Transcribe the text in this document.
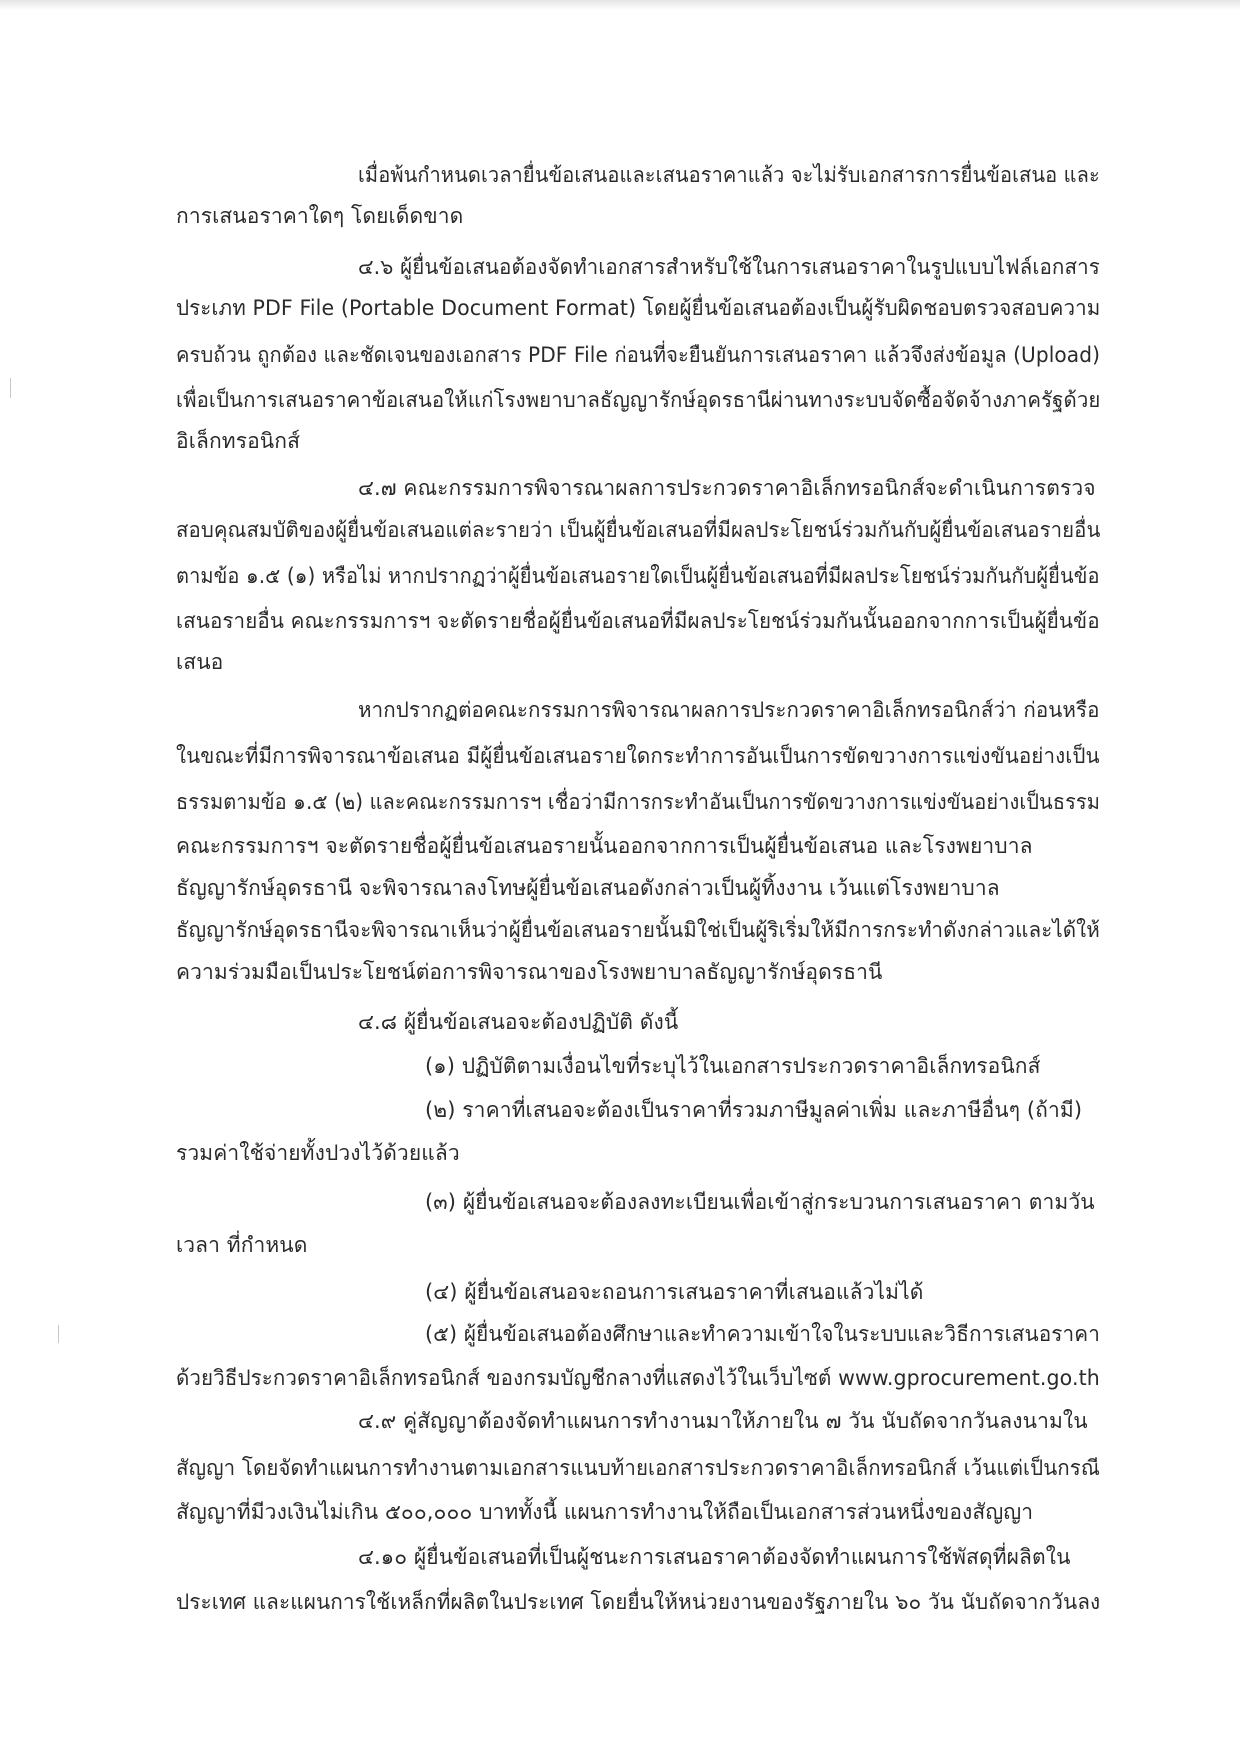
เมื่อพ้นกำหนดเวลายื่นข้อเสนอและเสนอราคาแล้ว จะไม่รับเอกสารการยื่นข้อเสนอ และ
การเสนอราคาใดๆ โดยเด็ดขาด
๔.๖ ผู้ยื่นข้อเสนอต้องจัดทำเอกสารสำหรับใช้ในการเสนอราคาในรูปแบบไฟล์เอกสาร
ประเภท PDF File (Portable Document Format) โดยผู้ยื่นข้อเสนอต้องเป็นผู้รับผิดชอบตรวจสอบความ
ครบถ้วน ถูกต้อง และชัดเจนของเอกสาร PDF File ก่อนที่จะยืนยันการเสนอราคา แล้วจึงส่งข้อมูล (Upload)
เพื่อเป็นการเสนอราคาข้อเสนอให้แก่โรงพยาบาลธัญญารักษ์อุดรธานีผ่านทางระบบจัดซื้อจัดจ้างภาครัฐด้วย
อิเล็กทรอนิกส์
๔.๗ คณะกรรมการพิจารณาผลการประกวดราคาอิเล็กทรอนิกส์จะดำเนินการตรวจ
สอบคุณสมบัติของผู้ยื่นข้อเสนอแต่ละรายว่า เป็นผู้ยื่นข้อเสนอที่มีผลประโยชน์ร่วมกันกับผู้ยื่นข้อเสนอรายอื่น
ตามข้อ ๑.๕ (๑) หรือไม่ หากปรากฏว่าผู้ยื่นข้อเสนอรายใดเป็นผู้ยื่นข้อเสนอที่มีผลประโยชน์ร่วมกันกับผู้ยื่นข้อ
เสนอรายอื่น คณะกรรมการฯ จะตัดรายชื่อผู้ยื่นข้อเสนอที่มีผลประโยชน์ร่วมกันนั้นออกจากการเป็นผู้ยื่นข้อ
เสนอ
หากปรากฏต่อคณะกรรมการพิจารณาผลการประกวดราคาอิเล็กทรอนิกส์ว่า ก่อนหรือ
ในขณะที่มีการพิจารณาข้อเสนอ มีผู้ยื่นข้อเสนอรายใดกระทำการอันเป็นการขัดขวางการแข่งขันอย่างเป็น
ธรรมตามข้อ ๑.๕ (๒) และคณะกรรมการฯ เชื่อว่ามีการกระทำอันเป็นการขัดขวางการแข่งขันอย่างเป็นธรรม
คณะกรรมการฯ จะตัดรายชื่อผู้ยื่นข้อเสนอรายนั้นออกจากการเป็นผู้ยื่นข้อเสนอ และโรงพยาบาล
ธัญญารักษ์อุดรธานี จะพิจารณาลงโทษผู้ยื่นข้อเสนอดังกล่าวเป็นผู้ทิ้งงาน เว้นแต่โรงพยาบาล
ธัญญารักษ์อุดรธานีจะพิจารณาเห็นว่าผู้ยื่นข้อเสนอรายนั้นมิใช่เป็นผู้ริเริ่มให้มีการกระทำดังกล่าวและได้ให้
ความร่วมมือเป็นประโยชน์ต่อการพิจารณาของโรงพยาบาลธัญญารักษ์อุดรธานี
๔.๘ ผู้ยื่นข้อเสนอจะต้องปฏิบัติ ดังนี้
(๑) ปฏิบัติตามเงื่อนไขที่ระบุไว้ในเอกสารประกวดราคาอิเล็กทรอนิกส์
(๒) ราคาที่เสนอจะต้องเป็นราคาที่รวมภาษีมูลค่าเพิ่ม และภาษีอื่นๆ (ถ้ามี)
รวมค่าใช้จ่ายทั้งปวงไว้ด้วยแล้ว
(๓) ผู้ยื่นข้อเสนอจะต้องลงทะเบียนเพื่อเข้าสู่กระบวนการเสนอราคา ตามวัน
เวลา ที่กำหนด
(๔) ผู้ยื่นข้อเสนอจะถอนการเสนอราคาที่เสนอแล้วไม่ได้
(๕) ผู้ยื่นข้อเสนอต้องศึกษาและทำความเข้าใจในระบบและวิธีการเสนอราคา
ด้วยวิธีประกวดราคาอิเล็กทรอนิกส์ ของกรมบัญชีกลางที่แสดงไว้ในเว็บไซต์ www.gprocurement.go.th
๔.๙ คู่สัญญาต้องจัดทำแผนการทำงานมาให้ภายใน ๗ วัน นับถัดจากวันลงนามใน
สัญญา โดยจัดทำแผนการทำงานตามเอกสารแนบท้ายเอกสารประกวดราคาอิเล็กทรอนิกส์ เว้นแต่เป็นกรณี
สัญญาที่มีวงเงินไม่เกิน ๕๐๐,๐๐๐ บาททั้งนี้ แผนการทำงานให้ถือเป็นเอกสารส่วนหนึ่งของสัญญา
๔.๑๐ ผู้ยื่นข้อเสนอที่เป็นผู้ชนะการเสนอราคาต้องจัดทำแผนการใช้พัสดุที่ผลิตใน
ประเทศ และแผนการใช้เหล็กที่ผลิตในประเทศ โดยยื่นให้หน่วยงานของรัฐภายใน ๖๐ วัน นับถัดจากวันลง
